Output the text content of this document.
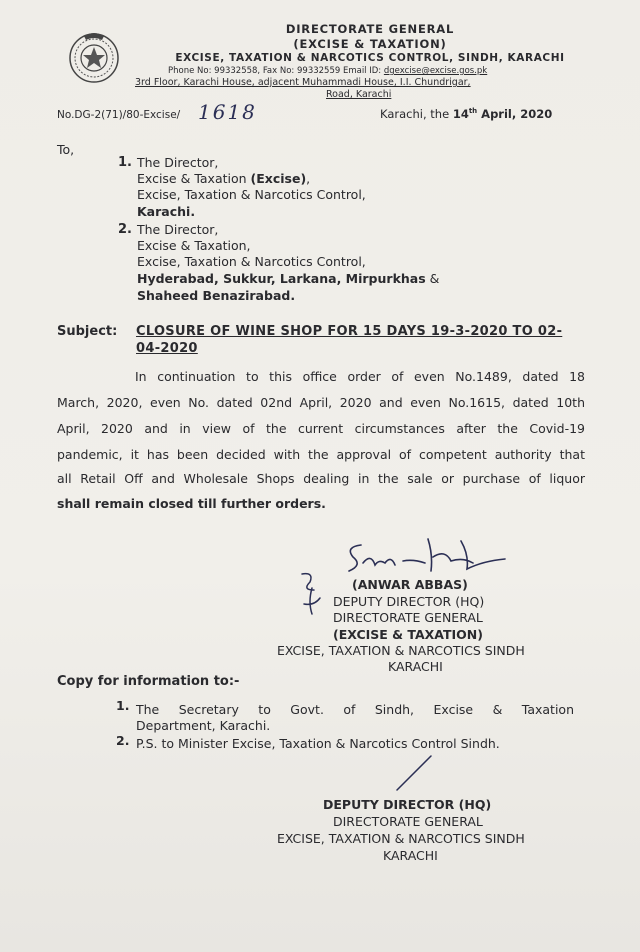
DIRECTORATE GENERAL
(EXCISE & TAXATION)
EXCISE, TAXATION & NARCOTICS CONTROL, SINDH, KARACHI
Phone No: 99332558, Fax No: 99332559 Email ID: dgexcise@excise.gos.pk
3rd Floor, Karachi House, adjacent Muhammadi House, I.I. Chundrigar,
Road, Karachi
No.DG-2(71)/80-Excise/ 1618	Karachi, the 14th April, 2020
To,
1. The Director,
Excise & Taxation (Excise),
Excise, Taxation & Narcotics Control,
Karachi.
2. The Director,
Excise & Taxation,
Excise, Taxation & Narcotics Control,
Hyderabad, Sukkur, Larkana, Mirpurkhas &
Shaheed Benazirabad.
Subject: CLOSURE OF WINE SHOP FOR 15 DAYS 19-3-2020 TO 02-
04-2020
In continuation to this office order of even No.1489, dated 18
March, 2020, even No. dated 02nd April, 2020 and even No.1615, dated 10th
April, 2020 and in view of the current circumstances after the Covid-19
pandemic, it has been decided with the approval of competent authority that
all Retail Off and Wholesale Shops dealing in the sale or purchase of liquor
shall remain closed till further orders.
(ANWAR ABBAS)
DEPUTY DIRECTOR (HQ)
DIRECTORATE GENERAL
(EXCISE & TAXATION)
EXCISE, TAXATION & NARCOTICS SINDH
KARACHI
Copy for information to:-
1. The  Secretary  to  Govt.  of  Sindh,  Excise  &  Taxation
Department, Karachi.
2. P.S. to Minister Excise, Taxation & Narcotics Control Sindh.
DEPUTY DIRECTOR (HQ)
DIRECTORATE GENERAL
EXCISE, TAXATION & NARCOTICS SINDH
KARACHI
